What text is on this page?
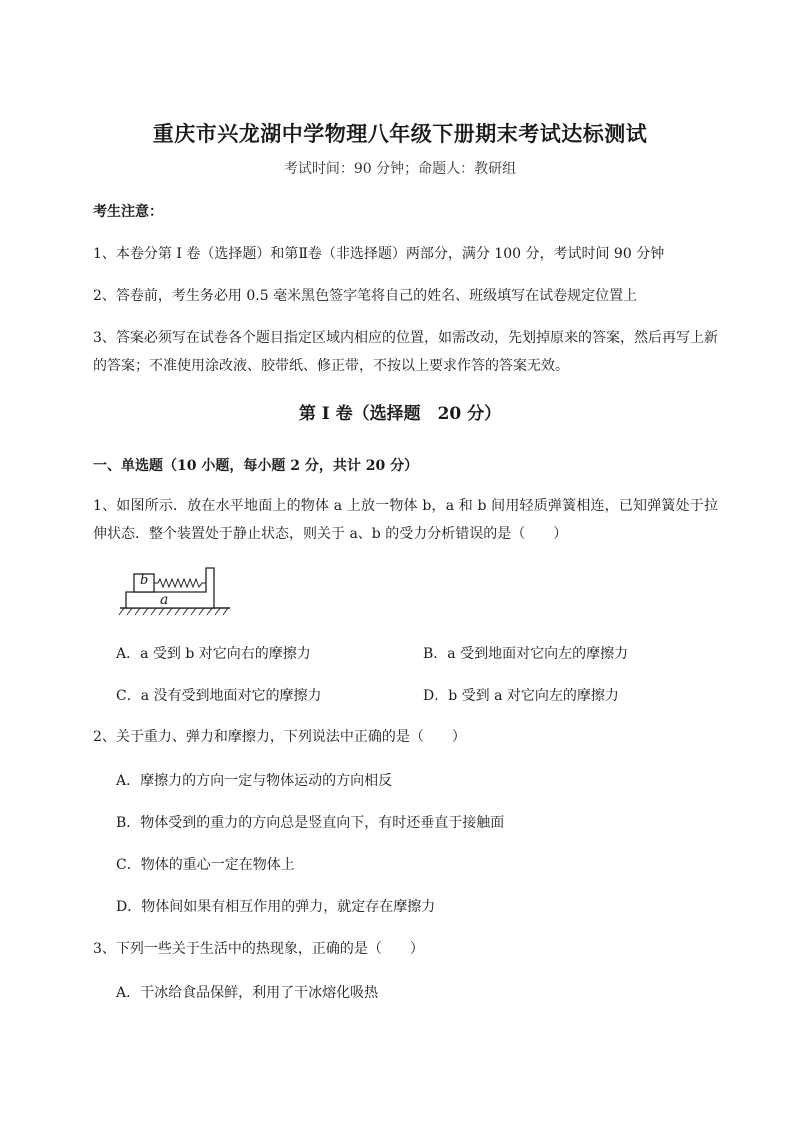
重庆市兴龙湖中学物理八年级下册期末考试达标测试
考试时间：90 分钟；命题人：教研组
考生注意：
1、本卷分第 I 卷（选择题）和第Ⅱ卷（非选择题）两部分，满分 100 分，考试时间 90 分钟
2、答卷前，考生务必用 0.5 毫米黑色签字笔将自己的姓名、班级填写在试卷规定位置上
3、答案必须写在试卷各个题目指定区域内相应的位置，如需改动，先划掉原来的答案，然后再写上新的答案；不准使用涂改液、胶带纸、修正带，不按以上要求作答的答案无效。
第 I 卷（选择题　20 分）
一、单选题（10 小题，每小题 2 分，共计 20 分）
1、如图所示．放在水平地面上的物体 a 上放一物体 b，a 和 b 间用轻质弹簧相连，已知弹簧处于拉伸状态．整个装置处于静止状态，则关于 a、b 的受力分析错误的是（　　）
b
a
A．a 受到 b 对它向右的摩擦力	B．a 受到地面对它向左的摩擦力
C．a 没有受到地面对它的摩擦力	D．b 受到 a 对它向左的摩擦力
2、关于重力、弹力和摩擦力，下列说法中正确的是（　　）
A．摩擦力的方向一定与物体运动的方向相反
B．物体受到的重力的方向总是竖直向下，有时还垂直于接触面
C．物体的重心一定在物体上
D．物体间如果有相互作用的弹力，就定存在摩擦力
3、下列一些关于生活中的热现象，正确的是（　　）
A．干冰给食品保鲜，利用了干冰熔化吸热
